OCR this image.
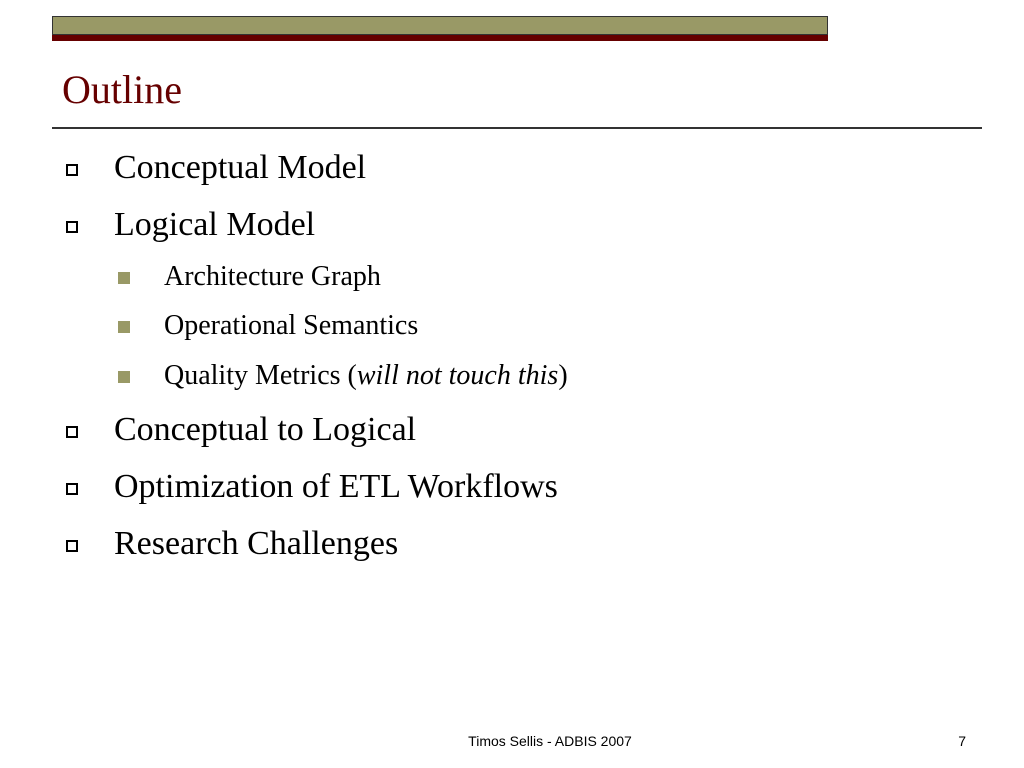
Outline
Conceptual Model
Logical Model
Architecture Graph
Operational Semantics
Quality Metrics (will not touch this)
Conceptual to Logical
Optimization of ETL Workflows
Research Challenges
Timos Sellis - ADBIS 2007	7
